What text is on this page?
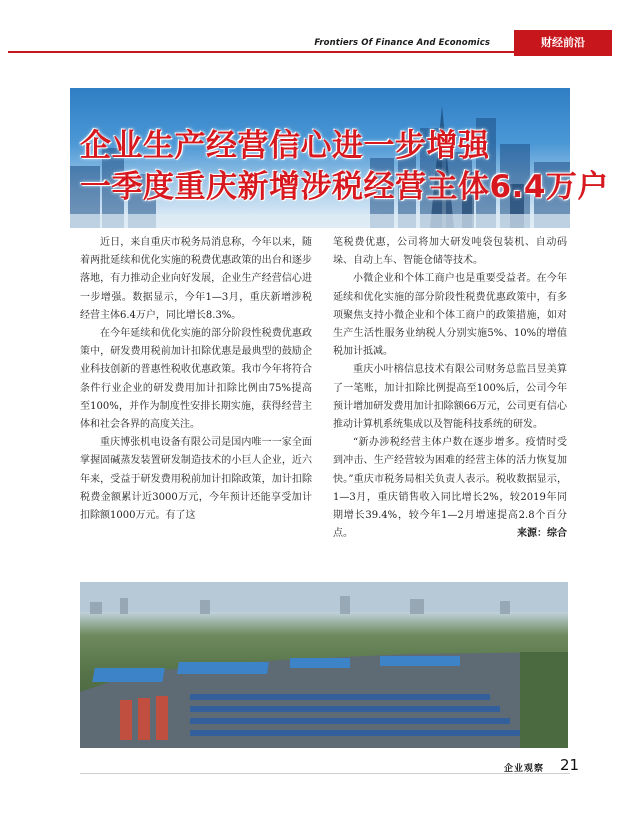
Frontiers Of Finance And Economics	财经前沿
企业生产经营信心进一步增强
一季度重庆新增涉税经营主体6.4万户

近日，来自重庆市税务局消息称，今年以来，随着两批延续和优化实施的税费优惠政策的出台和逐步落地，有力推动企业向好发展，企业生产经营信心进一步增强。数据显示，今年1—3月，重庆新增涉税经营主体6.4万户，同比增长8.3%。

在今年延续和优化实施的部分阶段性税费优惠政策中，研发费用税前加计扣除优惠是最典型的鼓励企业科技创新的普惠性税收优惠政策。我市今年将符合条件行业企业的研发费用加计扣除比例由75%提高至100%，并作为制度性安排长期实施，获得经营主体和社会各界的高度关注。

重庆博张机电设备有限公司是国内唯一一家全面掌握固碱蒸发装置研发制造技术的小巨人企业，近六年来，受益于研发费用税前加计扣除政策，加计扣除税费金额累计近3000万元，今年预计还能享受加计扣除额1000万元。有了这

笔税费优惠，公司将加大研发吨袋包装机、自动码垛、自动上车、智能仓储等技术。

小微企业和个体工商户也是重要受益者。在今年延续和优化实施的部分阶段性税费优惠政策中，有多项聚焦支持小微企业和个体工商户的政策措施，如对生产生活性服务业纳税人分别实施5%、10%的增值税加计抵减。

重庆小叶榕信息技术有限公司财务总监吕昱美算了一笔账，加计扣除比例提高至100%后，公司今年预计增加研发费用加计扣除额66万元，公司更有信心推动计算机系统集成以及智能科技系统的研发。

“新办涉税经营主体户数在逐步增多。疫情时受到冲击、生产经营较为困难的经营主体的活力恢复加快。”重庆市税务局相关负责人表示。税收数据显示，1—3月，重庆销售收入同比增长2%，较2019年同期增长39.4%，较今年1—2月增速提高2.8个百分点。	来源：综合

企业观察 21
